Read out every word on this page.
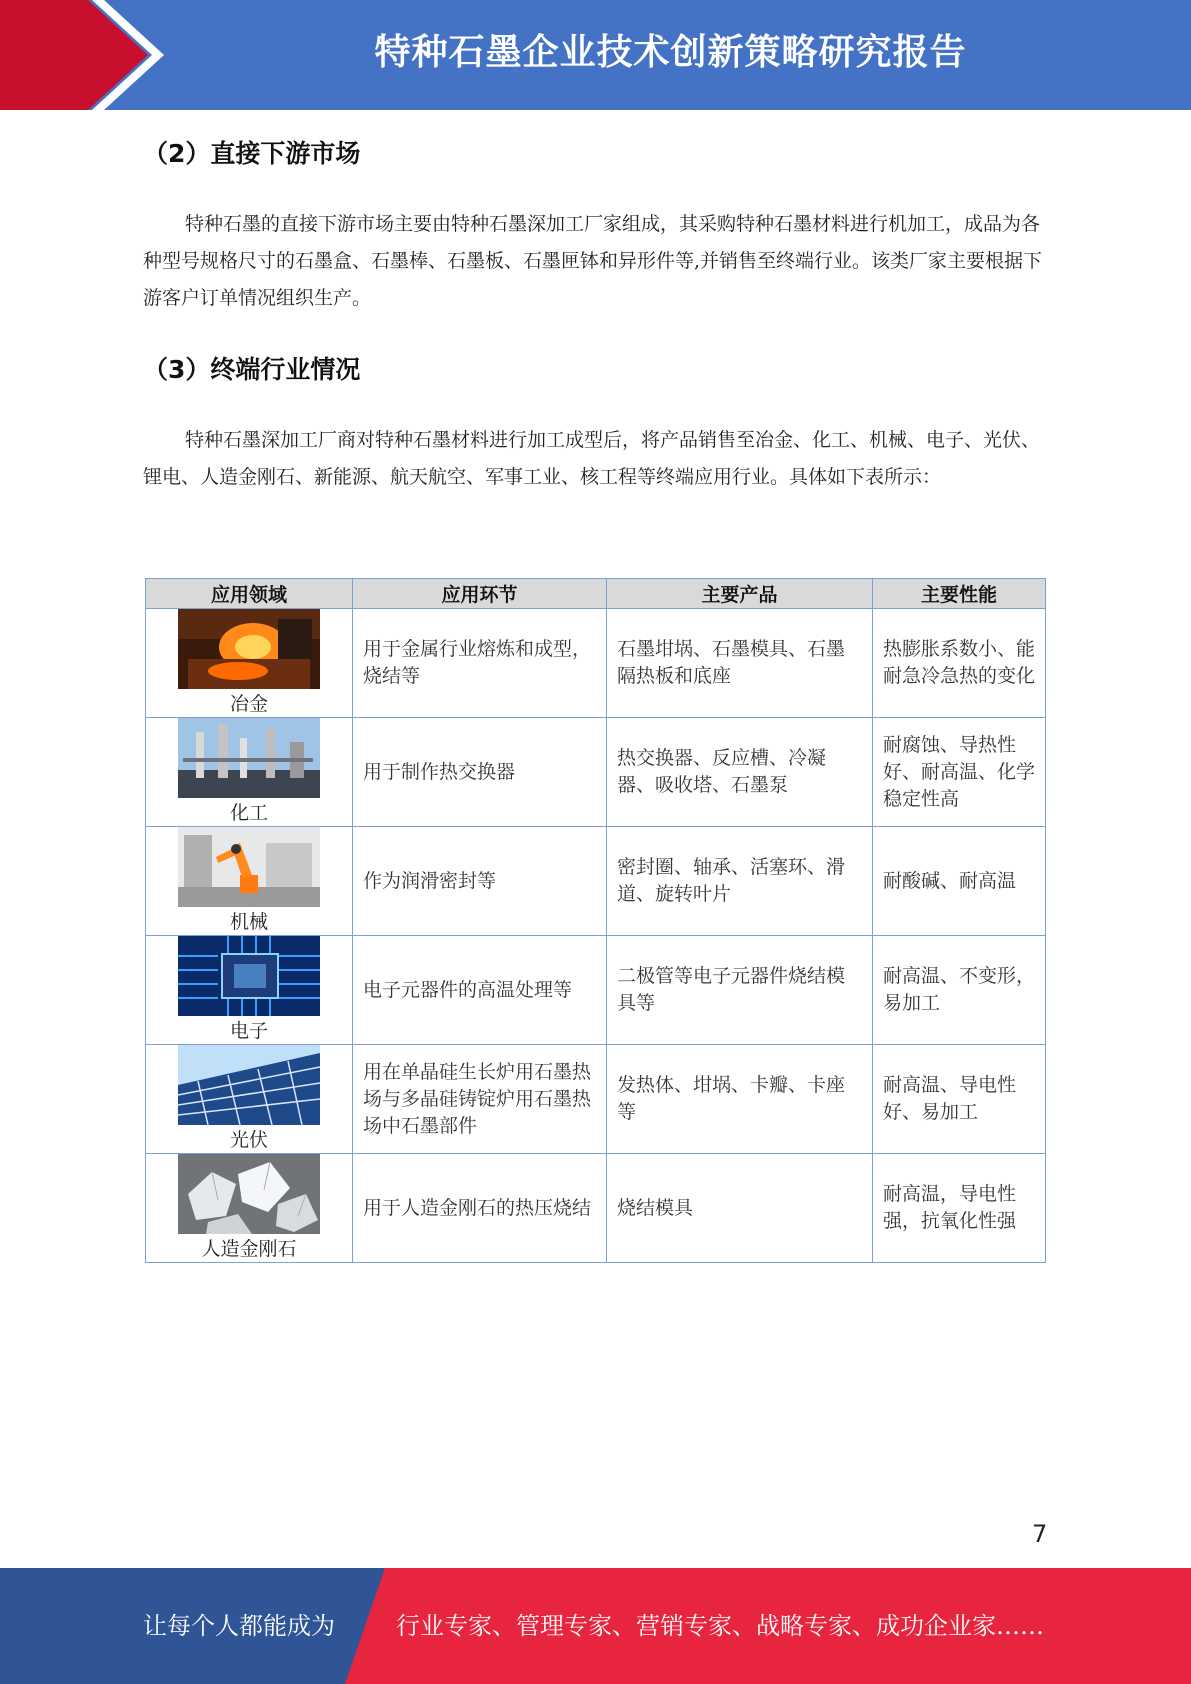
特种石墨企业技术创新策略研究报告
（2）直接下游市场

特种石墨的直接下游市场主要由特种石墨深加工厂家组成，其采购特种石墨材料进行机加工，成品为各种型号规格尺寸的石墨盒、石墨棒、石墨板、石墨匣钵和异形件等,并销售至终端行业。该类厂家主要根据下游客户订单情况组织生产。

（3）终端行业情况

特种石墨深加工厂商对特种石墨材料进行加工成型后，将产品销售至冶金、化工、机械、电子、光伏、锂电、人造金刚石、新能源、航天航空、军事工业、核工程等终端应用行业。具体如下表所示：

应用领域	应用环节	主要产品	主要性能

冶金	用于金属行业熔炼和成型，烧结等	石墨坩埚、石墨模具、石墨隔热板和底座	热膨胀系数小、能耐急冷急热的变化

化工	用于制作热交换器	热交换器、反应槽、冷凝器、吸收塔、石墨泵	耐腐蚀、导热性好、耐高温、化学稳定性高

机械	作为润滑密封等	密封圈、轴承、活塞环、滑道、旋转叶片	耐酸碱、耐高温

电子	电子元器件的高温处理等	二极管等电子元器件烧结模具等	耐高温、不变形，易加工

光伏	用在单晶硅生长炉用石墨热场与多晶硅铸锭炉用石墨热场中石墨部件	发热体、坩埚、卡瓣、卡座等	耐高温、导电性好、易加工

人造金刚石	用于人造金刚石的热压烧结	烧结模具	耐高温，导电性强，抗氧化性强
7
让每个人都能成为	行业专家、管理专家、营销专家、战略专家、成功企业家……
